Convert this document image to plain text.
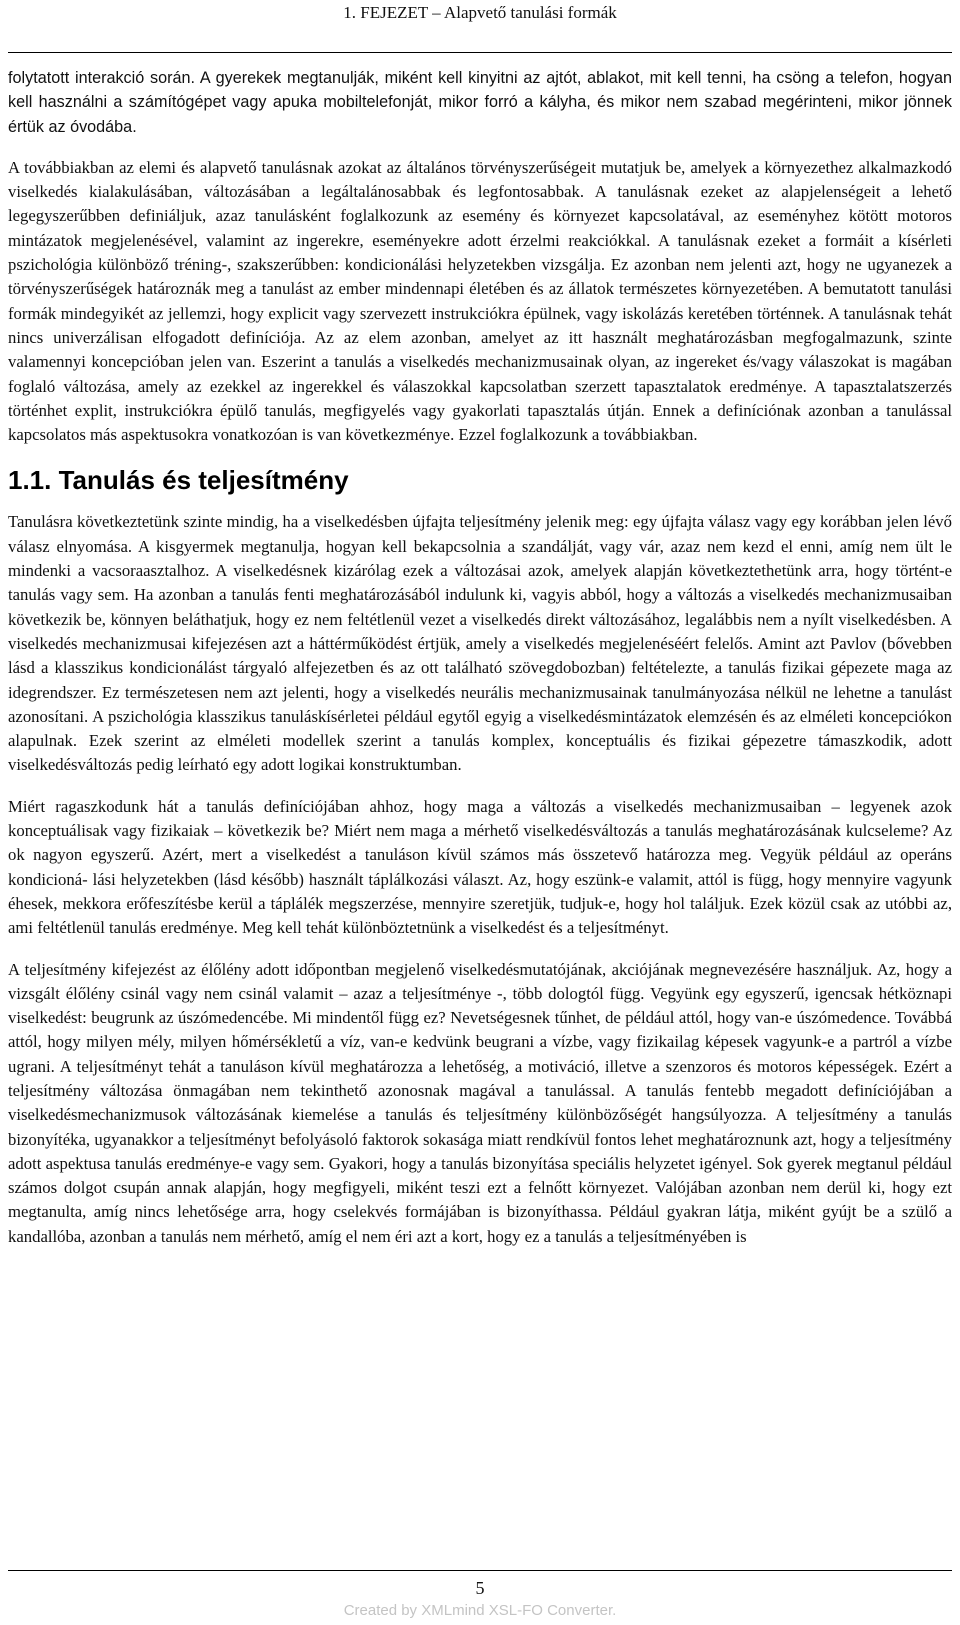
1. FEJEZET – Alapvető tanulási formák

folytatott interakció során. A gyerekek megtanulják, miként kell kinyitni az ajtót, ablakot, mit kell tenni, ha csöng a telefon, hogyan kell használni a számítógépet vagy apuka mobiltelefonját, mikor forró a kályha, és mikor nem szabad megérinteni, mikor jönnek értük az óvodába.

A továbbiakban az elemi és alapvető tanulásnak azokat az általános törvényszerűségeit mutatjuk be, amelyek a környezethez alkalmazkodó viselkedés kialakulásában, változásában a legáltalánosabbak és legfontosabbak. A tanulásnak ezeket az alapjelenségeit a lehető legegyszerűbben definiáljuk, azaz tanulásként foglalkozunk az esemény és környezet kapcsolatával, az eseményhez kötött motoros mintázatok megjelenésével, valamint az ingerekre, eseményekre adott érzelmi reakciókkal. A tanulásnak ezeket a formáit a kísérleti pszichológia különböző tréning-, szakszerűbben: kondicionálási helyzetekben vizsgálja. Ez azonban nem jelenti azt, hogy ne ugyanezek a törvényszerűségek határoznák meg a tanulást az ember mindennapi életében és az állatok természetes környezetében. A bemutatott tanulási formák mindegyikét az jellemzi, hogy explicit vagy szervezett instrukciókra épülnek, vagy iskolázás keretében történnek. A tanulásnak tehát nincs univerzálisan elfogadott definíciója. Az az elem azonban, amelyet az itt használt meghatározásban megfogalmazunk, szinte valamennyi koncepcióban jelen van. Eszerint a tanulás a viselkedés mechanizmusainak olyan, az ingereket és/vagy válaszokat is magában foglaló változása, amely az ezekkel az ingerekkel és válaszokkal kapcsolatban szerzett tapasztalatok eredménye. A tapasztalatszerzés történhet explit, instrukciókra épülő tanulás, megfigyelés vagy gyakorlati tapasztalás útján. Ennek a definíciónak azonban a tanulással kapcsolatos más aspektusokra vonatkozóan is van következménye. Ezzel foglalkozunk a továbbiakban.

1.1. Tanulás és teljesítmény

Tanulásra következtetünk szinte mindig, ha a viselkedésben újfajta teljesítmény jelenik meg: egy újfajta válasz vagy egy korábban jelen lévő válasz elnyomása. A kisgyermek megtanulja, hogyan kell bekapcsolnia a szandálját, vagy vár, azaz nem kezd el enni, amíg nem ült le mindenki a vacsoraasztalhoz. A viselkedésnek kizárólag ezek a változásai azok, amelyek alapján következtethetünk arra, hogy történt-e tanulás vagy sem. Ha azonban a tanulás fenti meghatározásából indulunk ki, vagyis abból, hogy a változás a viselkedés mechanizmusaiban következik be, könnyen beláthatjuk, hogy ez nem feltétlenül vezet a viselkedés direkt változásához, legalábbis nem a nyílt viselkedésben. A viselkedés mechanizmusai kifejezésen azt a háttérműködést értjük, amely a viselkedés megjelenéséért felelős. Amint azt Pavlov (bővebben lásd a klasszikus kondicionálást tárgyaló alfejezetben és az ott található szövegdobozban) feltételezte, a tanulás fizikai gépezete maga az idegrendszer. Ez természetesen nem azt jelenti, hogy a viselkedés neurális mechanizmusainak tanulmányozása nélkül ne lehetne a tanulást azonosítani. A pszichológia klasszikus tanuláskísérletei például egytől egyig a viselkedésmintázatok elemzésén és az elméleti koncepciókon alapulnak. Ezek szerint az elméleti modellek szerint a tanulás komplex, konceptuális és fizikai gépezetre támaszkodik, adott viselkedésváltozás pedig leírható egy adott logikai konstruktumban.

Miért ragaszkodunk hát a tanulás definíciójában ahhoz, hogy maga a változás a viselkedés mechanizmusaiban – legyenek azok konceptuálisak vagy fizikaiak – következik be? Miért nem maga a mérhető viselkedésváltozás a tanulás meghatározásának kulcseleme? Az ok nagyon egyszerű. Azért, mert a viselkedést a tanuláson kívül számos más összetevő határozza meg. Vegyük például az operáns kondicioná- lási helyzetekben (lásd később) használt táplálkozási választ. Az, hogy eszünk-e valamit, attól is függ, hogy mennyire vagyunk éhesek, mekkora erőfeszítésbe kerül a táplálék megszerzése, mennyire szeretjük, tudjuk-e, hogy hol találjuk. Ezek közül csak az utóbbi az, ami feltétlenül tanulás eredménye. Meg kell tehát különböztetnünk a viselkedést és a teljesítményt.

A teljesítmény kifejezést az élőlény adott időpontban megjelenő viselkedésmutatójának, akciójának megnevezésére használjuk. Az, hogy a vizsgált élőlény csinál vagy nem csinál valamit – azaz a teljesítménye -, több dologtól függ. Vegyünk egy egyszerű, igencsak hétköznapi viselkedést: beugrunk az úszómedencébe. Mi mindentől függ ez? Nevetségesnek tűnhet, de például attól, hogy van-e úszómedence. Továbbá attól, hogy milyen mély, milyen hőmérsékletű a víz, van-e kedvünk beugrani a vízbe, vagy fizikailag képesek vagyunk-e a partról a vízbe ugrani. A teljesítményt tehát a tanuláson kívül meghatározza a lehetőség, a motiváció, illetve a szenzoros és motoros képességek. Ezért a teljesítmény változása önmagában nem tekinthető azonosnak magával a tanulással. A tanulás fentebb megadott definíciójában a viselkedésmechanizmusok változásának kiemelése a tanulás és teljesítmény különbözőségét hangsúlyozza. A teljesítmény a tanulás bizonyítéka, ugyanakkor a teljesítményt befolyásoló faktorok sokasága miatt rendkívül fontos lehet meghatároznunk azt, hogy a teljesítmény adott aspektusa tanulás eredménye-e vagy sem. Gyakori, hogy a tanulás bizonyítása speciális helyzetet igényel. Sok gyerek megtanul például számos dolgot csupán annak alapján, hogy megfigyeli, miként teszi ezt a felnőtt környezet. Valójában azonban nem derül ki, hogy ezt megtanulta, amíg nincs lehetősége arra, hogy cselekvés formájában is bizonyíthassa. Például gyakran látja, miként gyújt be a szülő a kandallóba, azonban a tanulás nem mérhető, amíg el nem éri azt a kort, hogy ez a tanulás a teljesítményében is

5
Created by XMLmind XSL-FO Converter.
